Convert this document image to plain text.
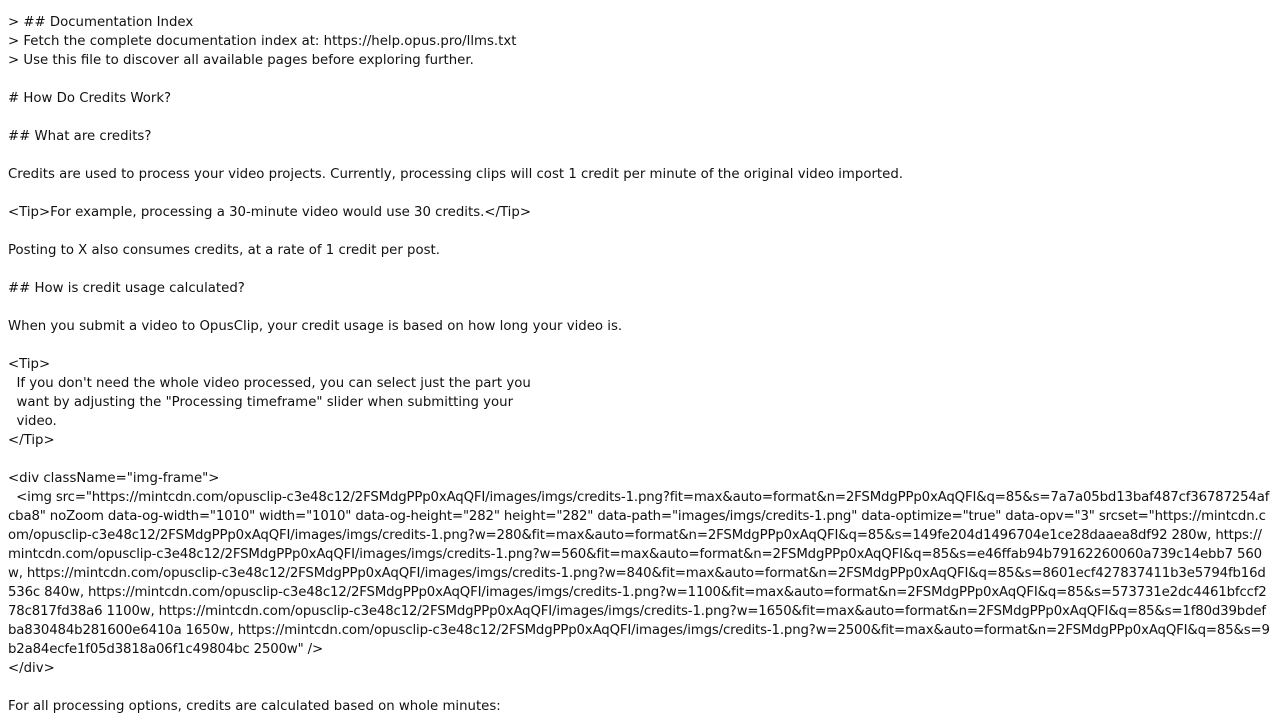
> ## Documentation Index
> Fetch the complete documentation index at: https://help.opus.pro/llms.txt
> Use this file to discover all available pages before exploring further.
# How Do Credits Work?
## What are credits?
Credits are used to process your video projects. Currently, processing clips will cost 1 credit per minute of the original video imported.
<Tip>For example, processing a 30-minute video would use 30 credits.</Tip>
Posting to X also consumes credits, at a rate of 1 credit per post.
## How is credit usage calculated?
When you submit a video to OpusClip, your credit usage is based on how long your video is.
<Tip>
If you don't need the whole video processed, you can select just the part you
want by adjusting the "Processing timeframe" slider when submitting your
video.
</Tip>
<div className="img-frame">
<img src="https://mintcdn.com/opusclip-c3e48c12/2FSMdgPPp0xAqQFI/images/imgs/credits-1.png?fit=max&auto=format&n=2FSMdgPPp0xAqQFI&q=85&s=7a7a05bd13baf487cf36787254afcba8" noZoom data-og-width="1010" width="1010" data-og-height="282" height="282" data-path="images/imgs/credits-1.png" data-optimize="true" data-opv="3" srcset="https://mintcdn.com/opusclip-c3e48c12/2FSMdgPPp0xAqQFI/images/imgs/credits-1.png?w=280&fit=max&auto=format&n=2FSMdgPPp0xAqQFI&q=85&s=149fe204d1496704e1ce28daaea8df92 280w, https://mintcdn.com/opusclip-c3e48c12/2FSMdgPPp0xAqQFI/images/imgs/credits-1.png?w=560&fit=max&auto=format&n=2FSMdgPPp0xAqQFI&q=85&s=e46ffab94b79162260060a739c14ebb7 560w, https://mintcdn.com/opusclip-c3e48c12/2FSMdgPPp0xAqQFI/images/imgs/credits-1.png?w=840&fit=max&auto=format&n=2FSMdgPPp0xAqQFI&q=85&s=8601ecf427837411b3e5794fb16d536c 840w, https://mintcdn.com/opusclip-c3e48c12/2FSMdgPPp0xAqQFI/images/imgs/credits-1.png?w=1100&fit=max&auto=format&n=2FSMdgPPp0xAqQFI&q=85&s=573731e2dc4461bfccf278c817fd38a6 1100w, https://mintcdn.com/opusclip-c3e48c12/2FSMdgPPp0xAqQFI/images/imgs/credits-1.png?w=1650&fit=max&auto=format&n=2FSMdgPPp0xAqQFI&q=85&s=1f80d39bdefba830484b281600e6410a 1650w, https://mintcdn.com/opusclip-c3e48c12/2FSMdgPPp0xAqQFI/images/imgs/credits-1.png?w=2500&fit=max&auto=format&n=2FSMdgPPp0xAqQFI&q=85&s=9b2a84ecfe1f05d3818a06f1c49804bc 2500w" />
</div>
For all processing options, credits are calculated based on whole minutes:
